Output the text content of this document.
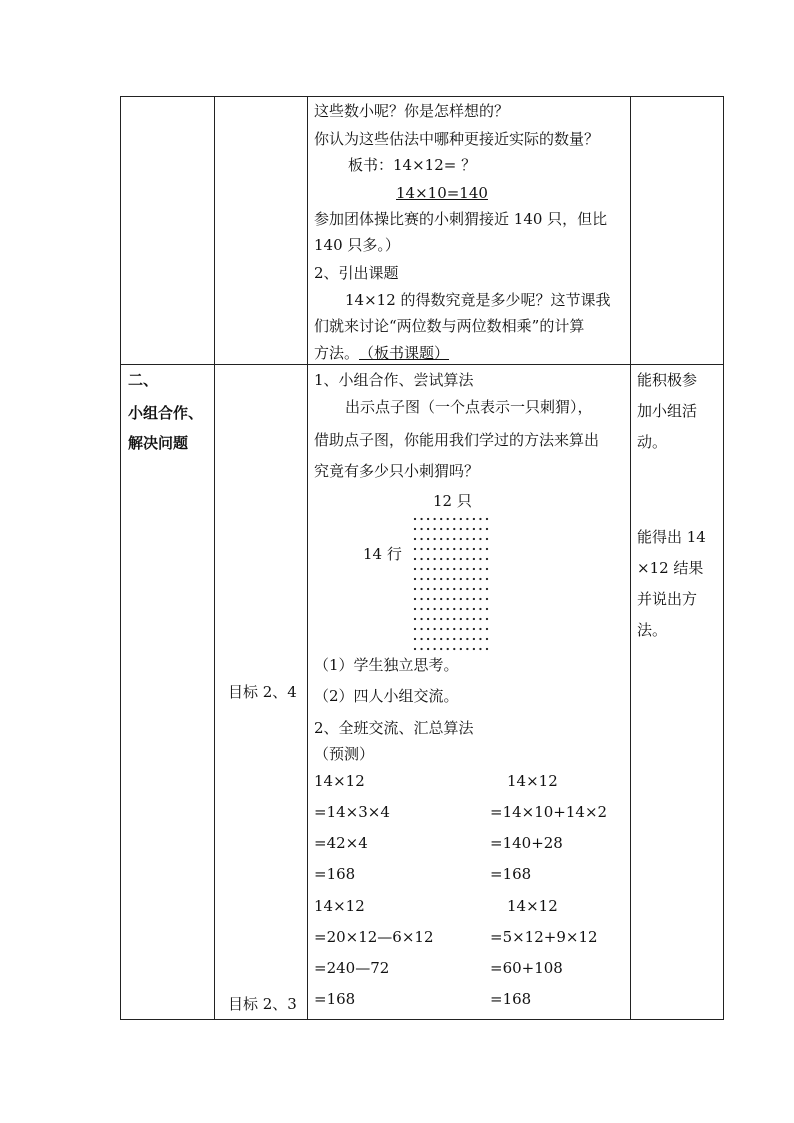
这些数小呢？你是怎样想的？
你认为这些估法中哪种更接近实际的数量？
板书：14×12= ？
14×10=140
参加团体操比赛的小刺猬接近 140 只，但比
140 只多。）
2、引出课题
14×12 的得数究竟是多少呢？这节课我
们就来讨论“两位数与两位数相乘”的计算
方法。 （板书课题）
二、
小组合作、
解决问题
目标 2、4
目标 2、3
1、小组合作、尝试算法
出示点子图（一个点表示一只刺猬），
借助点子图，你能用我们学过的方法来算出
究竟有多少只小刺猬吗？
12 只
14 行
（1）学生独立思考。
（2）四人小组交流。
2、全班交流、汇总算法
（预测）
14×12
=14×3×4
=42×4
=168
14×12
=14×10+14×2
=140+28
=168
14×12
=20×12—6×12
=240—72
=168
14×12
=5×12+9×12
=60+108
=168
能积极参
加小组活
动。
能得出 14
×12 结果
并说出方
法。
